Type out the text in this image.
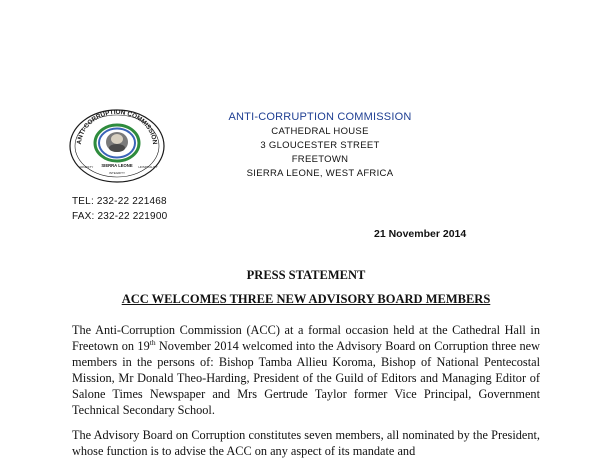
ANTI-CORRUPTION COMMISSION
SIERRA LEONE
INTEGRITY
HONESTY	HOSPITALITY
ANTI-CORRUPTION COMMISSION
CATHEDRAL HOUSE
3 GLOUCESTER STREET
FREETOWN
SIERRA LEONE, WEST AFRICA
TEL: 232-22 221468
FAX: 232-22 221900
21 November 2014
PRESS STATEMENT
ACC WELCOMES THREE NEW ADVISORY BOARD MEMBERS
The Anti-Corruption Commission (ACC) at a formal occasion held at the Cathedral Hall in Freetown on 19th November 2014 welcomed into the Advisory Board on Corruption three new members in the persons of: Bishop Tamba Allieu Koroma, Bishop of National Pentecostal Mission, Mr Donald Theo-Harding, President of the Guild of Editors and Managing Editor of Salone Times Newspaper and Mrs Gertrude Taylor former Vice Principal, Government Technical Secondary School.
The Advisory Board on Corruption constitutes seven members, all nominated by the President, whose function is to advise the ACC on any aspect of its mandate and
